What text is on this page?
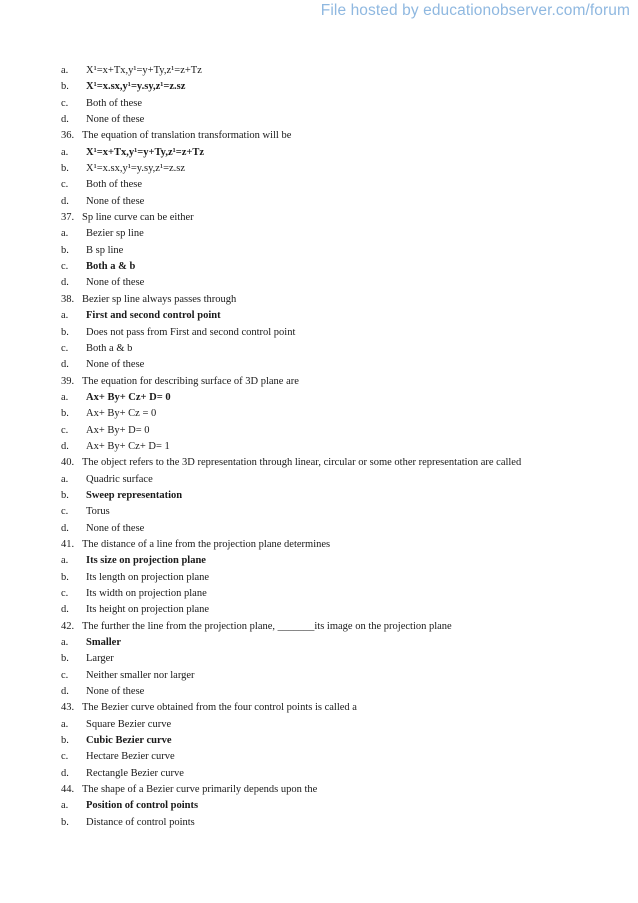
File hosted by educationobserver.com/forum
a. X¹=x+Tx,y¹=y+Ty,z¹=z+Tz
b. X¹=x.sx,y¹=y.sy,z¹=z.sz
c. Both of these
d. None of these
36. The equation of translation transformation will be
a. X¹=x+Tx,y¹=y+Ty,z¹=z+Tz
b. X¹=x.sx,y¹=y.sy,z¹=z.sz
c. Both of these
d. None of these
37. Sp line curve can be either
a. Bezier sp line
b. B sp line
c. Both a & b
d. None of these
38. Bezier sp line always passes through
a. First and second control point
b. Does not pass from First and second control point
c. Both a & b
d. None of these
39. The equation for describing surface of 3D plane are
a. Ax+ By+ Cz+ D= 0
b. Ax+ By+ Cz = 0
c. Ax+ By+ D= 0
d. Ax+ By+ Cz+ D= 1
40. The object refers to the 3D representation through linear, circular or some other representation are called
a. Quadric surface
b. Sweep representation
c. Torus
d. None of these
41. The distance of a line from the projection plane determines
a. Its size on projection plane
b. Its length on projection plane
c. Its width on projection plane
d. Its height on projection plane
42. The further the line from the projection plane, _______its image on the projection plane
a. Smaller
b. Larger
c. Neither smaller nor larger
d. None of these
43. The Bezier curve obtained from the four control points is called a
a. Square Bezier curve
b. Cubic Bezier curve
c. Hectare Bezier curve
d. Rectangle Bezier curve
44. The shape of a Bezier curve primarily depends upon the
a. Position of control points
b. Distance of control points
